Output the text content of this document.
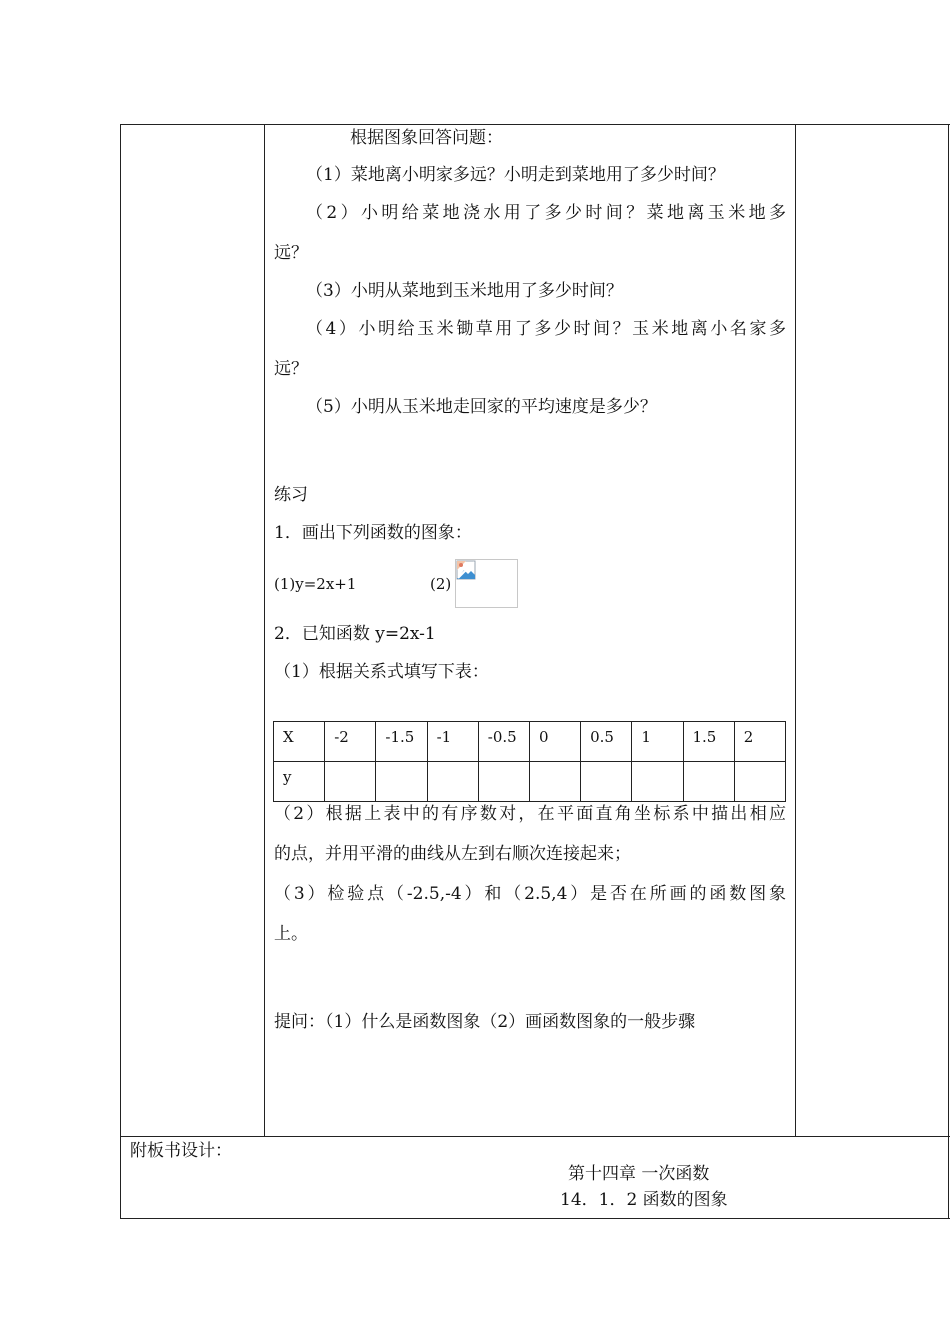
根据图象回答问题：
（1）菜地离小明家多远？小明走到菜地用了多少时间？
（2）小明给菜地浇水用了多少时间？菜地离玉米地多
远？
（3）小明从菜地到玉米地用了多少时间？
（4）小明给玉米锄草用了多少时间？玉米地离小名家多
远？
（5）小明从玉米地走回家的平均速度是多少？
练习
1．画出下列函数的图象：
(1)y=2x+1	(2)
2．已知函数 y=2x-1
（1）根据关系式填写下表：
X	-2	-1.5	-1	-0.5	0	0.5	1	1.5	2

y									

（2）根据上表中的有序数对，在平面直角坐标系中描出相应
的点，并用平滑的曲线从左到右顺次连接起来；
（3）检验点（-2.5,-4）和（2.5,4）是否在所画的函数图象
上。
提问：（1）什么是函数图象（2）画函数图象的一般步骤
附板书设计：
第十四章 一次函数
14．1．2 函数的图象
